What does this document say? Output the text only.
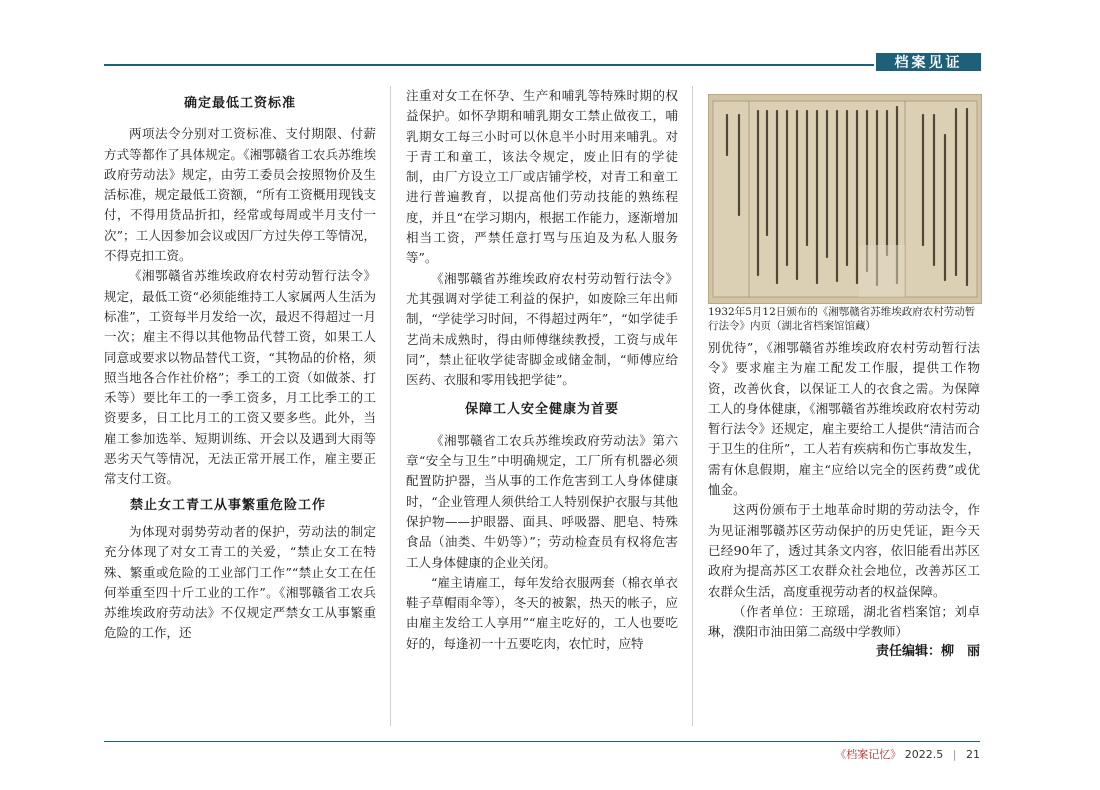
档案见证

确定最低工资标准

两项法令分别对工资标准、支付期限、付薪方式等都作了具体规定。《湘鄂赣省工农兵苏维埃政府劳动法》规定，由劳工委员会按照物价及生活标准，规定最低工资额，“所有工资概用现钱支付，不得用货品折扣，经常或每周或半月支付一次”；工人因参加会议或因厂方过失停工等情况，不得克扣工资。

《湘鄂赣省苏维埃政府农村劳动暂行法令》规定，最低工资“必须能维持工人家属两人生活为标准”，工资每半月发给一次，最迟不得超过一月一次；雇主不得以其他物品代替工资，如果工人同意或要求以物品替代工资，“其物品的价格，须照当地各合作社价格”；季工的工资（如做茶、打禾等）要比年工的一季工资多，月工比季工的工资要多，日工比月工的工资又要多些。此外，当雇工参加选举、短期训练、开会以及遇到大雨等恶劣天气等情况，无法正常开展工作，雇主要正常支付工资。

禁止女工青工从事繁重危险工作

为体现对弱势劳动者的保护，劳动法的制定充分体现了对女工青工的关爱，“禁止女工在特殊、繁重或危险的工业部门工作”“禁止女工在任何举重至四十斤工业的工作”。《湘鄂赣省工农兵苏维埃政府劳动法》不仅规定严禁女工从事繁重危险的工作，还

注重对女工在怀孕、生产和哺乳等特殊时期的权益保护。如怀孕期和哺乳期女工禁止做夜工，哺乳期女工每三小时可以休息半小时用来哺乳。对于青工和童工，该法令规定，废止旧有的学徒制，由厂方设立工厂或店铺学校，对青工和童工进行普遍教育，以提高他们劳动技能的熟练程度，并且“在学习期内，根据工作能力，逐渐增加相当工资，严禁任意打骂与压迫及为私人服务等”。

《湘鄂赣省苏维埃政府农村劳动暂行法令》尤其强调对学徒工利益的保护，如废除三年出师制，“学徒学习时间，不得超过两年”，“如学徒手艺尚未成熟时，得由师傅继续教授，工资与成年同”，禁止征收学徒寄脚金或储金制，“师傅应给医药、衣服和零用钱把学徒”。

保障工人安全健康为首要

《湘鄂赣省工农兵苏维埃政府劳动法》第六章“安全与卫生”中明确规定，工厂所有机器必须配置防护器，当从事的工作危害到工人身体健康时，“企业管理人须供给工人特别保护衣服与其他保护物——护眼器、面具、呼吸器、肥皂、特殊食品（油类、牛奶等）”；劳动检查员有权将危害工人身体健康的企业关闭。

“雇主请雇工，每年发给衣服两套（棉衣单衣鞋子草帽雨伞等），冬天的被絮，热天的帐子，应由雇主发给工人享用”“雇主吃好的，工人也要吃好的，每逢初一十五要吃肉，农忙时，应特

1932年5月12日颁布的《湘鄂赣省苏维埃政府农村劳动暂行法令》内页（湖北省档案馆馆藏）

别优待”，《湘鄂赣省苏维埃政府农村劳动暂行法令》要求雇主为雇工配发工作服，提供工作物资，改善伙食，以保证工人的衣食之需。为保障工人的身体健康，《湘鄂赣省苏维埃政府农村劳动暂行法令》还规定，雇主要给工人提供“清洁而合于卫生的住所”，工人若有疾病和伤亡事故发生，需有休息假期，雇主“应给以完全的医药费”或优恤金。

这两份颁布于土地革命时期的劳动法令，作为见证湘鄂赣苏区劳动保护的历史凭证，距今天已经90年了，透过其条文内容，依旧能看出苏区政府为提高苏区工农群众社会地位，改善苏区工农群众生活，高度重视劳动者的权益保障。

（作者单位：王琼瑶，湖北省档案馆；刘卓琳，濮阳市油田第二高级中学教师）

责任编辑：柳　丽

《档案记忆》 2022.5 | 21
